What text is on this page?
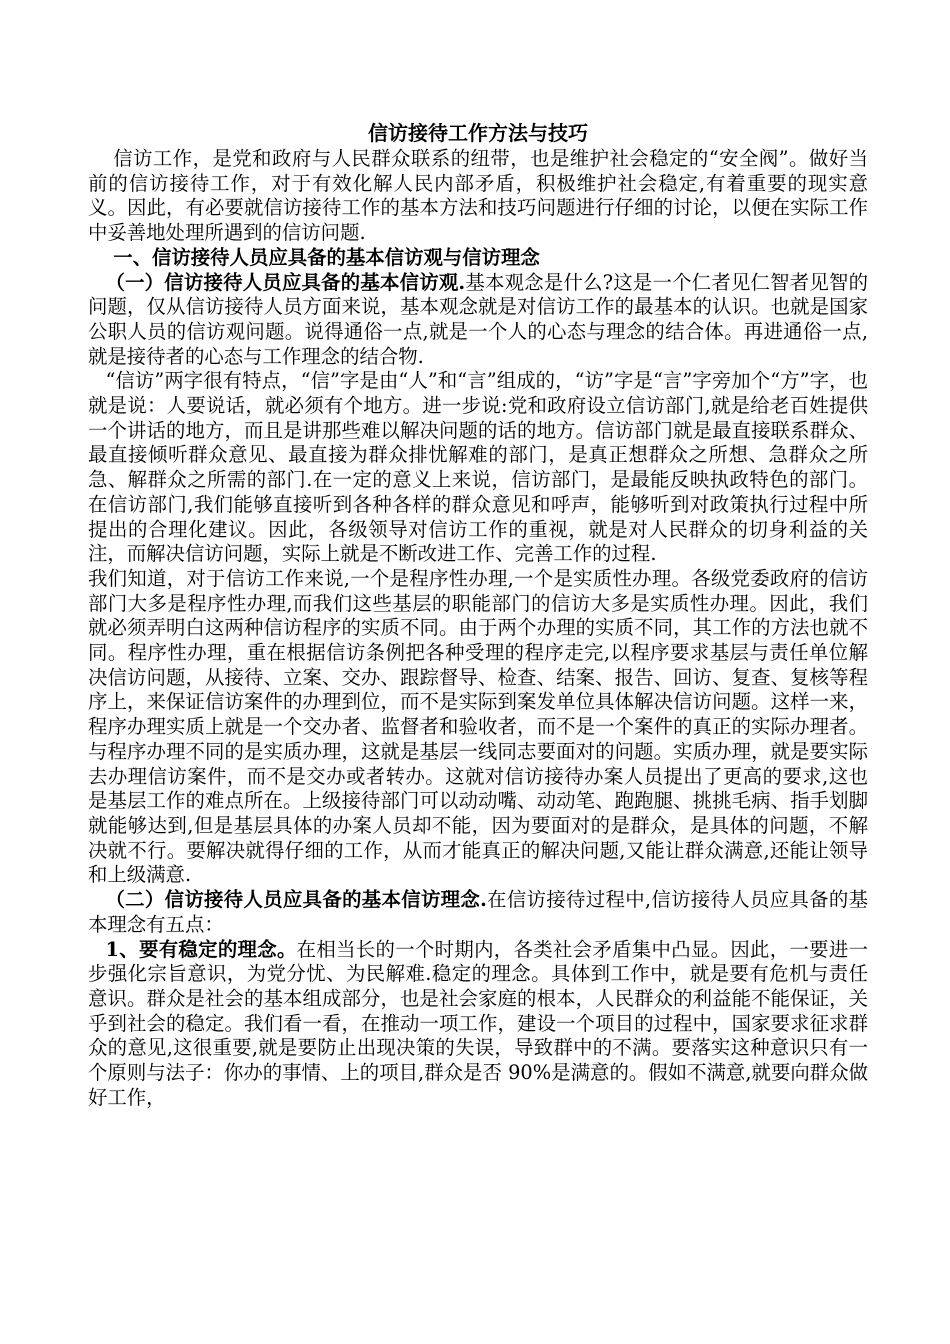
信访接待工作方法与技巧

信访工作，是党和政府与人民群众联系的纽带，也是维护社会稳定的“安全阀”。做好当前的信访接待工作，对于有效化解人民内部矛盾，积极维护社会稳定,有着重要的现实意义。因此，有必要就信访接待工作的基本方法和技巧问题进行仔细的讨论，以便在实际工作中妥善地处理所遇到的信访问题.

一、信访接待人员应具备的基本信访观与信访理念

（一）信访接待人员应具备的基本信访观.基本观念是什么?这是一个仁者见仁智者见智的问题，仅从信访接待人员方面来说，基本观念就是对信访工作的最基本的认识。也就是国家公职人员的信访观问题。说得通俗一点,就是一个人的心态与理念的结合体。再进通俗一点,就是接待者的心态与工作理念的结合物.

“信访”两字很有特点，“信”字是由“人”和“言”组成的，“访”字是“言”字旁加个“方”字，也就是说：人要说话，就必须有个地方。进一步说:党和政府设立信访部门,就是给老百姓提供一个讲话的地方，而且是讲那些难以解决问题的话的地方。信访部门就是最直接联系群众、最直接倾听群众意见、最直接为群众排忧解难的部门，是真正想群众之所想、急群众之所急、解群众之所需的部门.在一定的意义上来说，信访部门，是最能反映执政特色的部门。在信访部门,我们能够直接听到各种各样的群众意见和呼声，能够听到对政策执行过程中所提出的合理化建议。因此，各级领导对信访工作的重视，就是对人民群众的切身利益的关注，而解决信访问题，实际上就是不断改进工作、完善工作的过程.

我们知道，对于信访工作来说,一个是程序性办理,一个是实质性办理。各级党委政府的信访部门大多是程序性办理,而我们这些基层的职能部门的信访大多是实质性办理。因此，我们就必须弄明白这两种信访程序的实质不同。由于两个办理的实质不同，其工作的方法也就不同。程序性办理，重在根据信访条例把各种受理的程序走完,以程序要求基层与责任单位解决信访问题，从接待、立案、交办、跟踪督导、检查、结案、报告、回访、复查、复核等程序上，来保证信访案件的办理到位，而不是实际到案发单位具体解决信访问题。这样一来，程序办理实质上就是一个交办者、监督者和验收者，而不是一个案件的真正的实际办理者。与程序办理不同的是实质办理，这就是基层一线同志要面对的问题。实质办理，就是要实际去办理信访案件，而不是交办或者转办。这就对信访接待办案人员提出了更高的要求,这也是基层工作的难点所在。上级接待部门可以动动嘴、动动笔、跑跑腿、挑挑毛病、指手划脚就能够达到,但是基层具体的办案人员却不能，因为要面对的是群众，是具体的问题，不解决就不行。要解决就得仔细的工作，从而才能真正的解决问题,又能让群众满意,还能让领导和上级满意.

（二）信访接待人员应具备的基本信访理念.在信访接待过程中,信访接待人员应具备的基本理念有五点：

1、要有稳定的理念。在相当长的一个时期内，各类社会矛盾集中凸显。因此，一要进一步强化宗旨意识，为党分忧、为民解难.稳定的理念。具体到工作中，就是要有危机与责任意识。群众是社会的基本组成部分，也是社会家庭的根本，人民群众的利益能不能保证，关乎到社会的稳定。我们看一看，在推动一项工作，建设一个项目的过程中，国家要求征求群众的意见,这很重要,就是要防止出现决策的失误，导致群中的不满。要落实这种意识只有一个原则与法子：你办的事情、上的项目,群众是否 90%是满意的。假如不满意,就要向群众做好工作，
